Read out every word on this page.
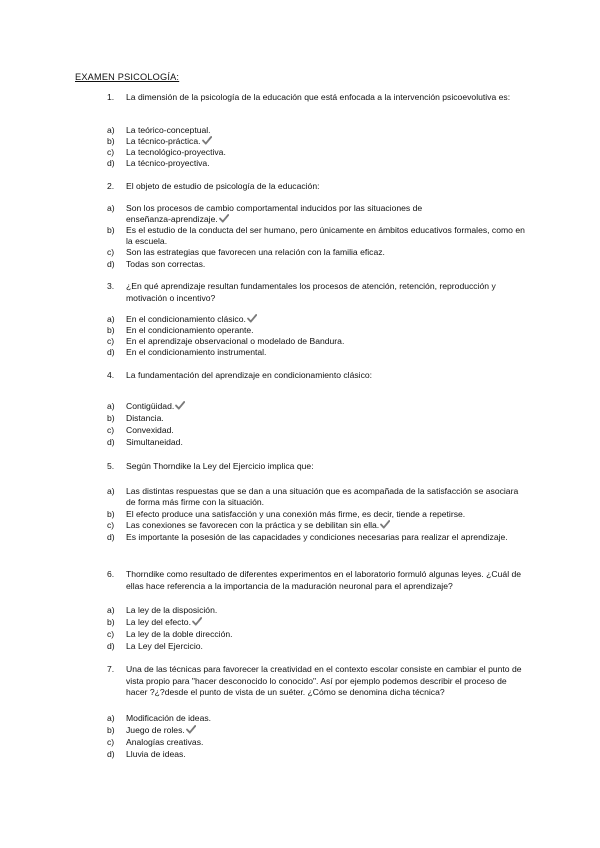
EXAMEN PSICOLOGÍA:
1. La dimensión de la psicología de la educación que está enfocada a la intervención psicoevolutiva es:
a) La teórico-conceptual.
b) La técnico-práctica.
c) La tecnológico-proyectiva.
d) La técnico-proyectiva.
2. El objeto de estudio de psicología de la educación:
a) Son los procesos de cambio comportamental inducidos por las situaciones de enseñanza-aprendizaje.
b) Es el estudio de la conducta del ser humano, pero únicamente en ámbitos educativos formales, como en la escuela.
c) Son las estrategias que favorecen una relación con la familia eficaz.
d) Todas son correctas.
3. ¿En qué aprendizaje resultan fundamentales los procesos de atención, retención, reproducción y motivación o incentivo?
a) En el condicionamiento clásico.
b) En el condicionamiento operante.
c) En el aprendizaje observacional o modelado de Bandura.
d) En el condicionamiento instrumental.
4. La fundamentación del aprendizaje en condicionamiento clásico:
a) Contigüidad.
b) Distancia.
c) Convexidad.
d) Simultaneidad.
5. Según Thorndike la Ley del Ejercicio implica que:
a) Las distintas respuestas que se dan a una situación que es acompañada de la satisfacción se asociara de forma más firme con la situación.
b) El efecto produce una satisfacción y una conexión más firme, es decir, tiende a repetirse.
c) Las conexiones se favorecen con la práctica y se debilitan sin ella.
d) Es importante la posesión de las capacidades y condiciones necesarias para realizar el aprendizaje.
6. Thorndike como resultado de diferentes experimentos en el laboratorio formuló algunas leyes. ¿Cuál de ellas hace referencia a la importancia de la maduración neuronal para el aprendizaje?
a) La ley de la disposición.
b) La ley del efecto.
c) La ley de la doble dirección.
d) La Ley del Ejercicio.
7. Una de las técnicas para favorecer la creatividad en el contexto escolar consiste en cambiar el punto de vista propio para "hacer desconocido lo conocido". Así por ejemplo podemos describir el proceso de hacer ?¿?desde el punto de vista de un suéter. ¿Cómo se denomina dicha técnica?
a) Modificación de ideas.
b) Juego de roles.
c) Analogías creativas.
d) Lluvia de ideas.
